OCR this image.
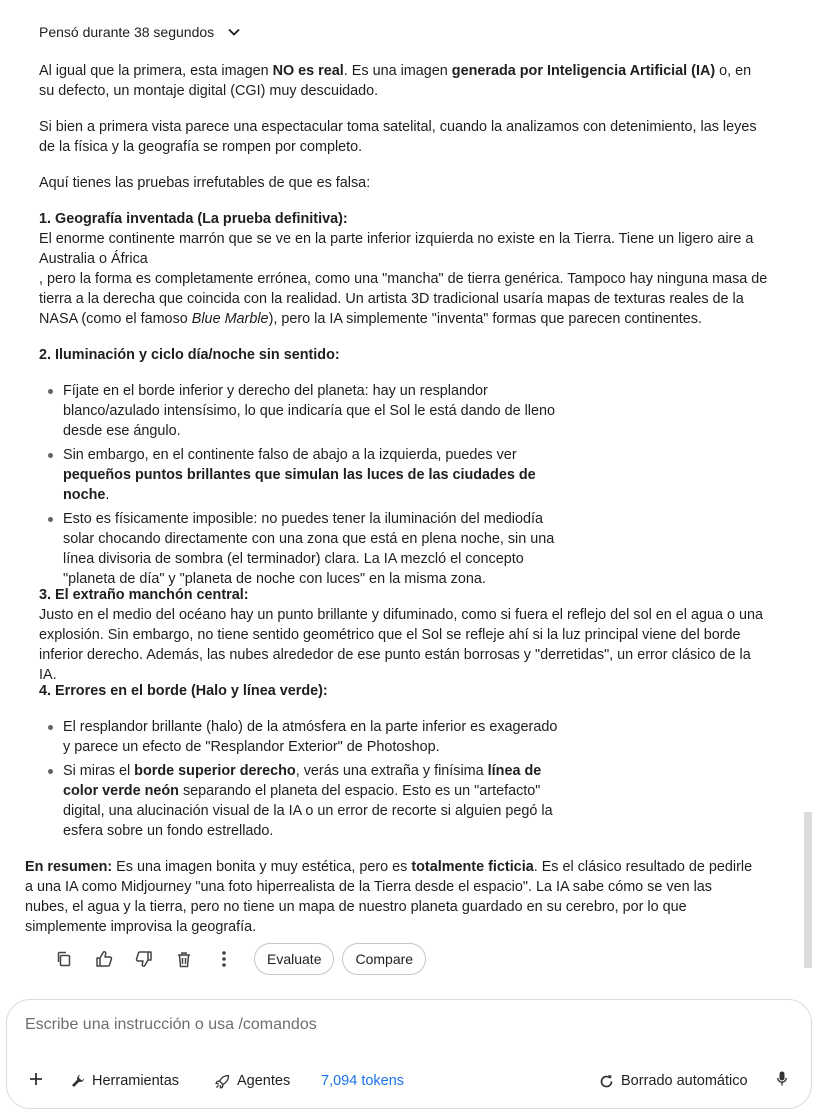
Pensó durante 38 segundos
Al igual que la primera, esta imagen NO es real. Es una imagen generada por Inteligencia Artificial (IA) o, en su defecto, un montaje digital (CGI) muy descuidado.
Si bien a primera vista parece una espectacular toma satelital, cuando la analizamos con detenimiento, las leyes de la física y la geografía se rompen por completo.
Aquí tienes las pruebas irrefutables de que es falsa:
1. Geografía inventada (La prueba definitiva):
El enorme continente marrón que se ve en la parte inferior izquierda no existe en la Tierra. Tiene un ligero aire a Australia o África
, pero la forma es completamente errónea, como una "mancha" de tierra genérica. Tampoco hay ninguna masa de tierra a la derecha que coincida con la realidad. Un artista 3D tradicional usaría mapas de texturas reales de la NASA (como el famoso Blue Marble), pero la IA simplemente "inventa" formas que parecen continentes.
2. Iluminación y ciclo día/noche sin sentido:
Fíjate en el borde inferior y derecho del planeta: hay un resplandor blanco/azulado intensísimo, lo que indicaría que el Sol le está dando de lleno desde ese ángulo.
Sin embargo, en el continente falso de abajo a la izquierda, puedes ver pequeños puntos brillantes que simulan las luces de las ciudades de noche.
Esto es físicamente imposible: no puedes tener la iluminación del mediodía solar chocando directamente con una zona que está en plena noche, sin una línea divisoria de sombra (el terminador) clara. La IA mezcló el concepto "planeta de día" y "planeta de noche con luces" en la misma zona.
3. El extraño manchón central:
Justo en el medio del océano hay un punto brillante y difuminado, como si fuera el reflejo del sol en el agua o una explosión. Sin embargo, no tiene sentido geométrico que el Sol se refleje ahí si la luz principal viene del borde inferior derecho. Además, las nubes alrededor de ese punto están borrosas y "derretidas", un error clásico de la IA.
4. Errores en el borde (Halo y línea verde):
El resplandor brillante (halo) de la atmósfera en la parte inferior es exagerado y parece un efecto de "Resplandor Exterior" de Photoshop.
Si miras el borde superior derecho, verás una extraña y finísima línea de color verde neón separando el planeta del espacio. Esto es un "artefacto" digital, una alucinación visual de la IA o un error de recorte si alguien pegó la esfera sobre un fondo estrellado.
En resumen: Es una imagen bonita y muy estética, pero es totalmente ficticia. Es el clásico resultado de pedirle a una IA como Midjourney "una foto hiperrealista de la Tierra desde el espacio". La IA sabe cómo se ven las nubes, el agua y la tierra, pero no tiene un mapa de nuestro planeta guardado en su cerebro, por lo que simplemente improvisa la geografía.
Evaluate	Compare
Escribe una instrucción o usa /comandos
Herramientas	Agentes 7,094 tokens	Borrado automático
